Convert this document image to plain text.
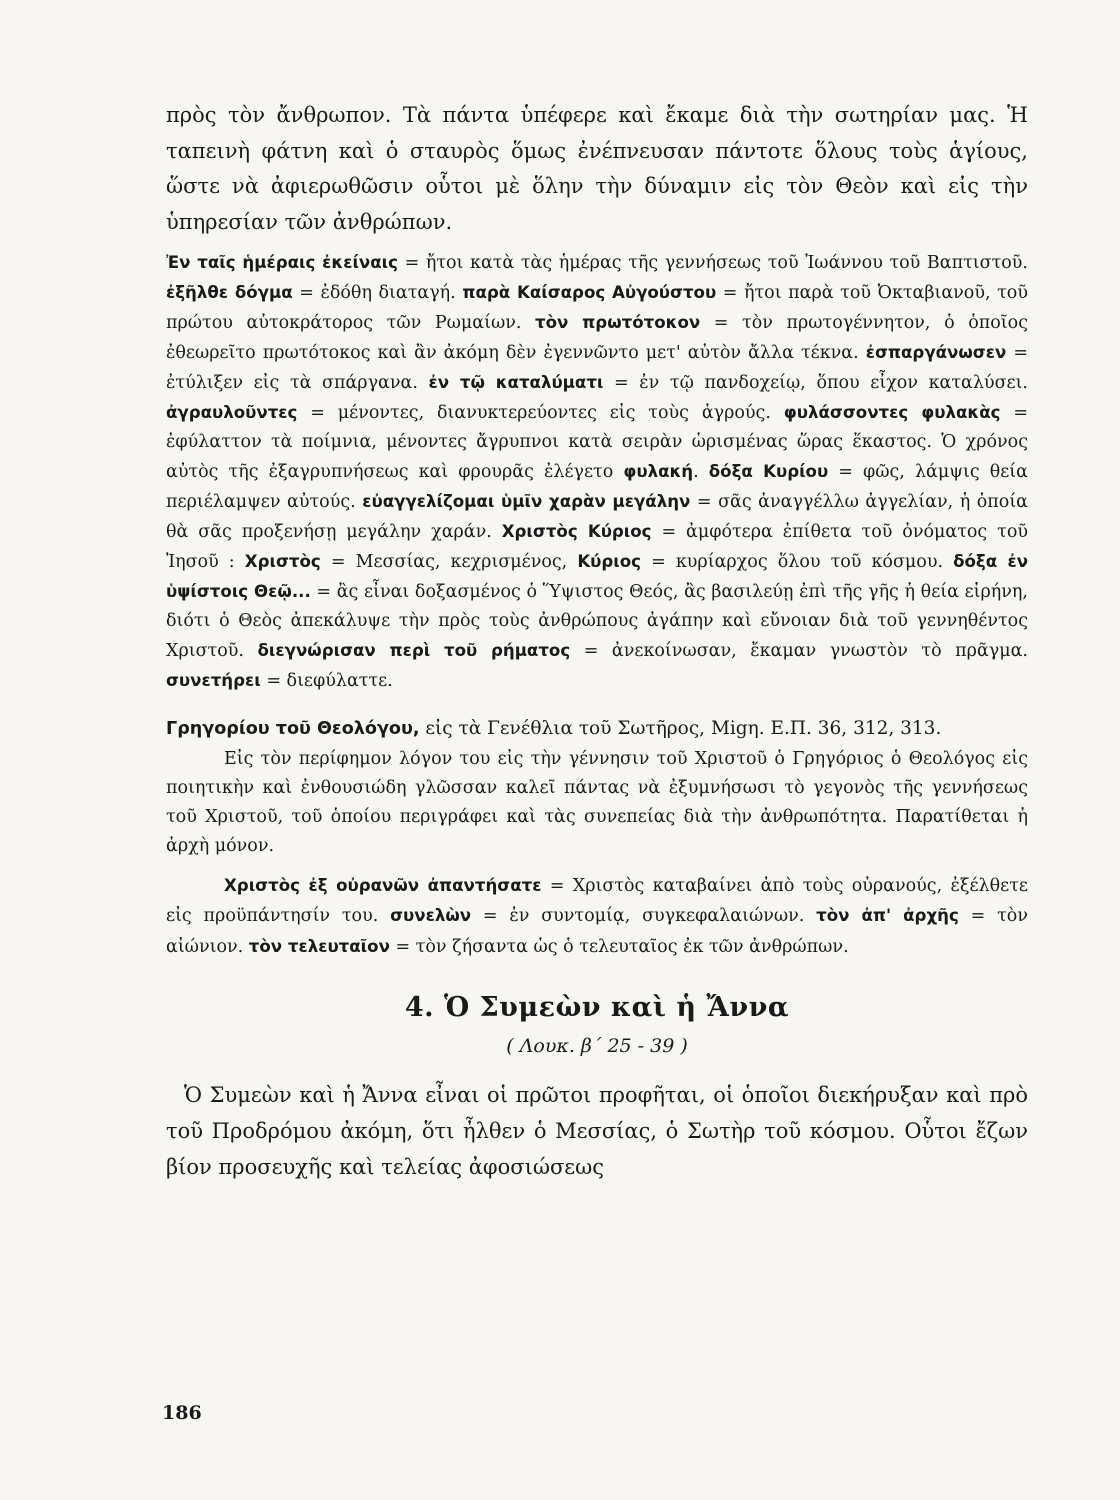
πρὸς τὸν ἄνθρωπον. Τὰ πάντα ὑπέφερε καὶ ἔκαμε διὰ τὴν σωτηρίαν μας. Ἡ ταπεινὴ φάτνη καὶ ὁ σταυρὸς ὅμως ἐνέπνευσαν πάντοτε ὅλους τοὺς ἁγίους, ὥστε νὰ ἀφιερωθῶσιν οὗτοι μὲ ὅλην τὴν δύναμιν εἰς τὸν Θεὸν καὶ εἰς τὴν ὑπηρεσίαν τῶν ἀνθρώπων.

Ἐν ταῖς ἡμέραις ἐκείναις = ἤτοι κατὰ τὰς ἡμέρας τῆς γεννήσεως τοῦ Ἰωάννου τοῦ Βαπτιστοῦ. ἐξῆλθε δόγμα = ἐδόθη διαταγή. παρὰ Καίσαρος Αὐγούστου = ἤτοι παρὰ τοῦ Ὀκταβιανοῦ, τοῦ πρώτου αὐτοκράτορος τῶν Ρωμαίων. τὸν πρωτότοκον = τὸν πρωτογέννητον, ὁ ὁποῖος ἐθεωρεῖτο πρωτότοκος καὶ ἂν ἀκόμη δὲν ἐγεννῶντο μετ' αὐτὸν ἄλλα τέκνα. ἐσπαργάνωσεν = ἐτύλιξεν εἰς τὰ σπάργανα. ἐν τῷ καταλύματι = ἐν τῷ πανδοχείῳ, ὅπου εἶχον καταλύσει. ἀγραυλοῦντες = μένοντες, διανυκτερεύοντες εἰς τοὺς ἀγρούς. φυλάσσοντες φυλακὰς = ἐφύλαττον τὰ ποίμνια, μένοντες ἄγρυπνοι κατὰ σειρὰν ὡρισμένας ὥρας ἕκαστος. Ὁ χρόνος αὐτὸς τῆς ἐξαγρυπνήσεως καὶ φρουρᾶς ἐλέγετο φυλακή. δόξα Κυρίου = φῶς, λάμψις θεία περιέλαμψεν αὐτούς. εὐαγγελίζομαι ὑμῖν χαρὰν μεγάλην = σᾶς ἀναγγέλλω ἀγγελίαν, ἡ ὁποία θὰ σᾶς προξενήσῃ μεγάλην χαράν. Χριστὸς Κύριος = ἀμφότερα ἐπίθετα τοῦ ὀνόματος τοῦ Ἰησοῦ : Χριστὸς = Μεσσίας, κεχρισμένος, Κύριος = κυρίαρχος ὅλου τοῦ κόσμου. δόξα ἐν ὑψίστοις Θεῷ... = ἂς εἶναι δοξασμένος ὁ Ὕψιστος Θεός, ἂς βασιλεύῃ ἐπὶ τῆς γῆς ἡ θεία εἰρήνη, διότι ὁ Θεὸς ἀπεκάλυψε τὴν πρὸς τοὺς ἀνθρώπους ἀγάπην καὶ εὔνοιαν διὰ τοῦ γεννηθέντος Χριστοῦ. διεγνώρισαν περὶ τοῦ ρήματος = ἀνεκοίνωσαν, ἔκαμαν γνωστὸν τὸ πρᾶγμα. συνετήρει = διεφύλαττε.

Γρηγορίου τοῦ Θεολόγου, εἰς τὰ Γενέθλια τοῦ Σωτῆρος, Migη. Ε.Π. 36, 312, 313.

Εἰς τὸν περίφημον λόγον του εἰς τὴν γέννησιν τοῦ Χριστοῦ ὁ Γρηγόριος ὁ Θεολόγος εἰς ποιητικὴν καὶ ἐνθουσιώδη γλῶσσαν καλεῖ πάντας νὰ ἐξυμνήσωσι τὸ γεγονὸς τῆς γεννήσεως τοῦ Χριστοῦ, τοῦ ὁποίου περιγράφει καὶ τὰς συνεπείας διὰ τὴν ἀνθρωπότητα. Παρατίθεται ἡ ἀρχὴ μόνον.

Χριστὸς ἐξ οὐρανῶν ἀπαντήσατε = Χριστὸς καταβαίνει ἀπὸ τοὺς οὐρανούς, ἐξέλθετε εἰς προϋπάντησίν του. συνελὼν = ἐν συντομίᾳ, συγκεφαλαιώνων. τὸν ἀπ' ἀρχῆς = τὸν αἰώνιον. τὸν τελευταῖον = τὸν ζήσαντα ὡς ὁ τελευταῖος ἐκ τῶν ἀνθρώπων.

4. Ὁ Συμεὼν καὶ ἡ Ἄννα
( Λουκ. β΄ 25 - 39 )

Ὁ Συμεὼν καὶ ἡ Ἄννα εἶναι οἱ πρῶτοι προφῆται, οἱ ὁποῖοι διεκήρυξαν καὶ πρὸ τοῦ Προδρόμου ἀκόμη, ὅτι ἦλθεν ὁ Μεσσίας, ὁ Σωτὴρ τοῦ κόσμου. Οὗτοι ἔζων βίον προσευχῆς καὶ τελείας ἀφοσιώσεως

186
